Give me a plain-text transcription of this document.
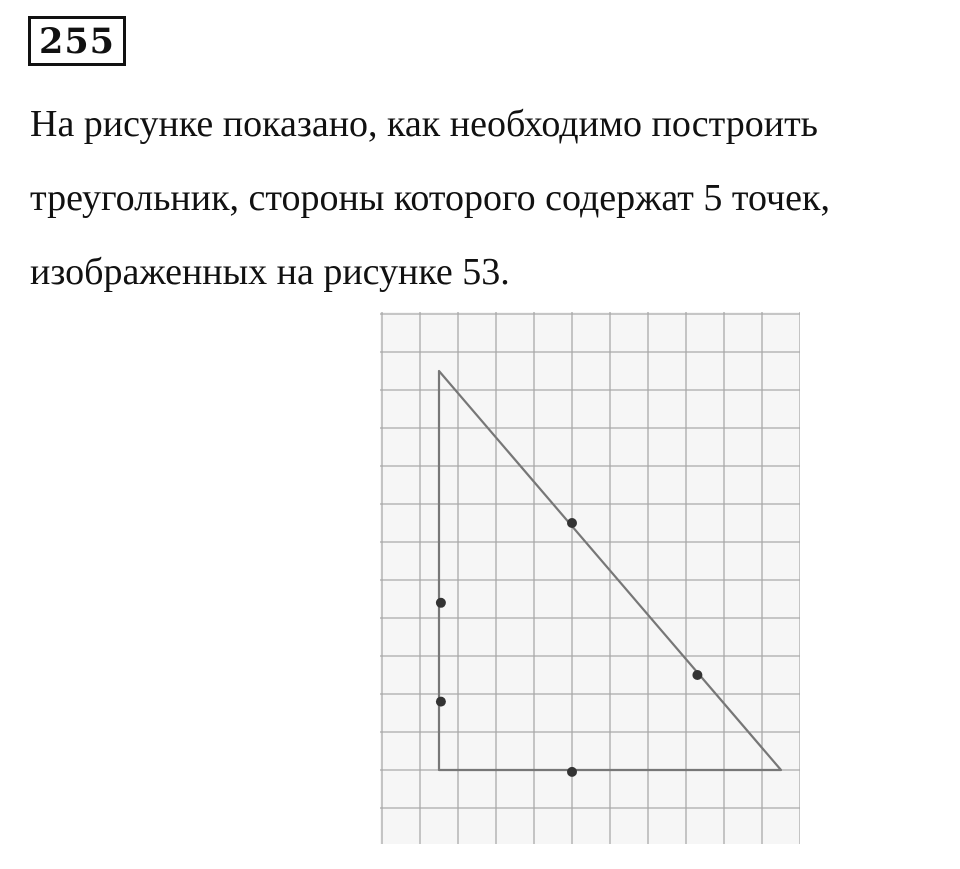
255

На рисунке показано, как необходимо построить
треугольник, стороны которого содержат 5 точек,
изображенных на рисунке 53.
